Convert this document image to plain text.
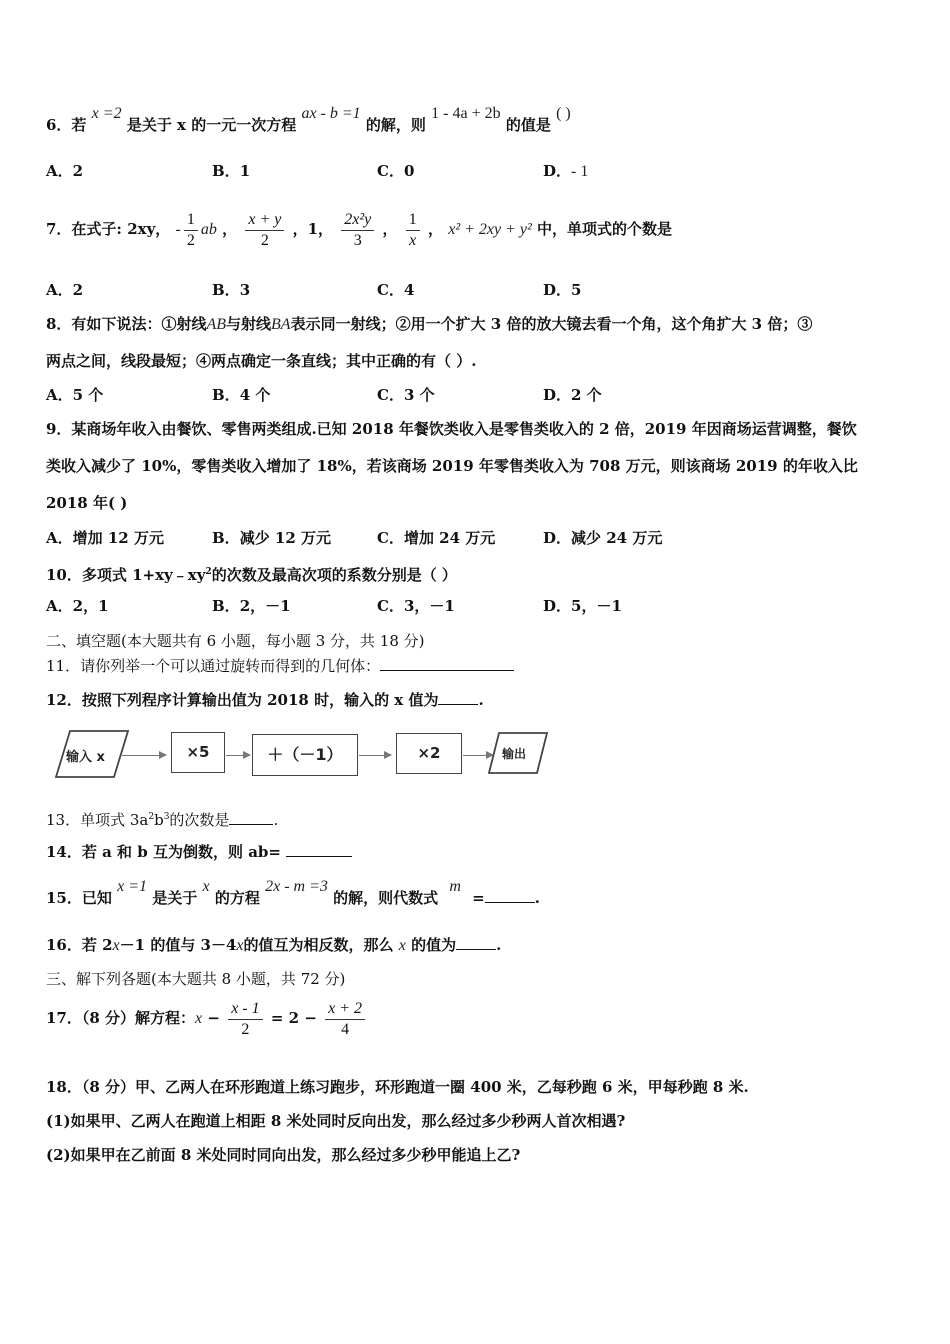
6．若 x =2 是关于 x 的一元一次方程 ax - b =1 的解，则 1 - 4a + 2b 的值是 ( )
A．2	B．1	C．0	D．- 1
7．在式子: 2xy， - $\frac{1}{2}$ ab ， $\frac{x + y}{2}$ ，1， $\frac{\text{2x²y}}{3}$ ， $\frac{1}{x}$ ， x² + 2xy + y² 中，单项式的个数是
A．2	B．3	C．4	D．5
8．有如下说法：①射线AB与射线BA表示同一射线；②用一个扩大 3 倍的放大镜去看一个角，这个角扩大 3 倍；③
两点之间，线段最短；④两点确定一条直线；其中正确的有（ ）.
A．5 个	B．4 个	C．3 个	D．2 个
9．某商场年收入由餐饮、零售两类组成.已知 2018 年餐饮类收入是零售类收入的 2 倍，2019 年因商场运营调整，餐饮
类收入减少了 10%，零售类收入增加了 18%，若该商场 2019 年零售类收入为 708 万元，则该商场 2019 的年收入比
2018 年( )
A．增加 12 万元	B．减少 12 万元	C．增加 24 万元	D．减少 24 万元
10．多项式 $1+xy﹣xy^2$的次数及最高次项的系数分别是（ ）
A．2，1	B．2，－1	C．3，－1	D．5，－1
二、填空题(本大题共有 6 小题，每小题 3 分，共 18 分)
11．请你列举一个可以通过旋转而得到的几何体：
12．按照下列程序计算输出值为 2018 时，输入的 x 值为	.
输入 x	×5	＋（－1）	×2	输出
13．单项式 $3a^2b^3$的次数是	.
14．若 a 和 b 互为倒数，则 ab=
15．已知 x =1 是关于 x 的方程 2x - m =3 的解，则代数式 m =	.
16．若 2x－1 的值与 3－4x的值互为相反数，那么 x 的值为	.
三、解下列各题(本大题共 8 小题，共 72 分)
17．（8 分）解方程：$x - \frac{x - 1}{2} = 2 - \frac{x + 2}{4}$
18．（8 分）甲、乙两人在环形跑道上练习跑步，环形跑道一圈 400 米，乙每秒跑 6 米，甲每秒跑 8 米.
(1)如果甲、乙两人在跑道上相距 8 米处同时反向出发，那么经过多少秒两人首次相遇?
(2)如果甲在乙前面 8 米处同时同向出发，那么经过多少秒甲能追上乙?
